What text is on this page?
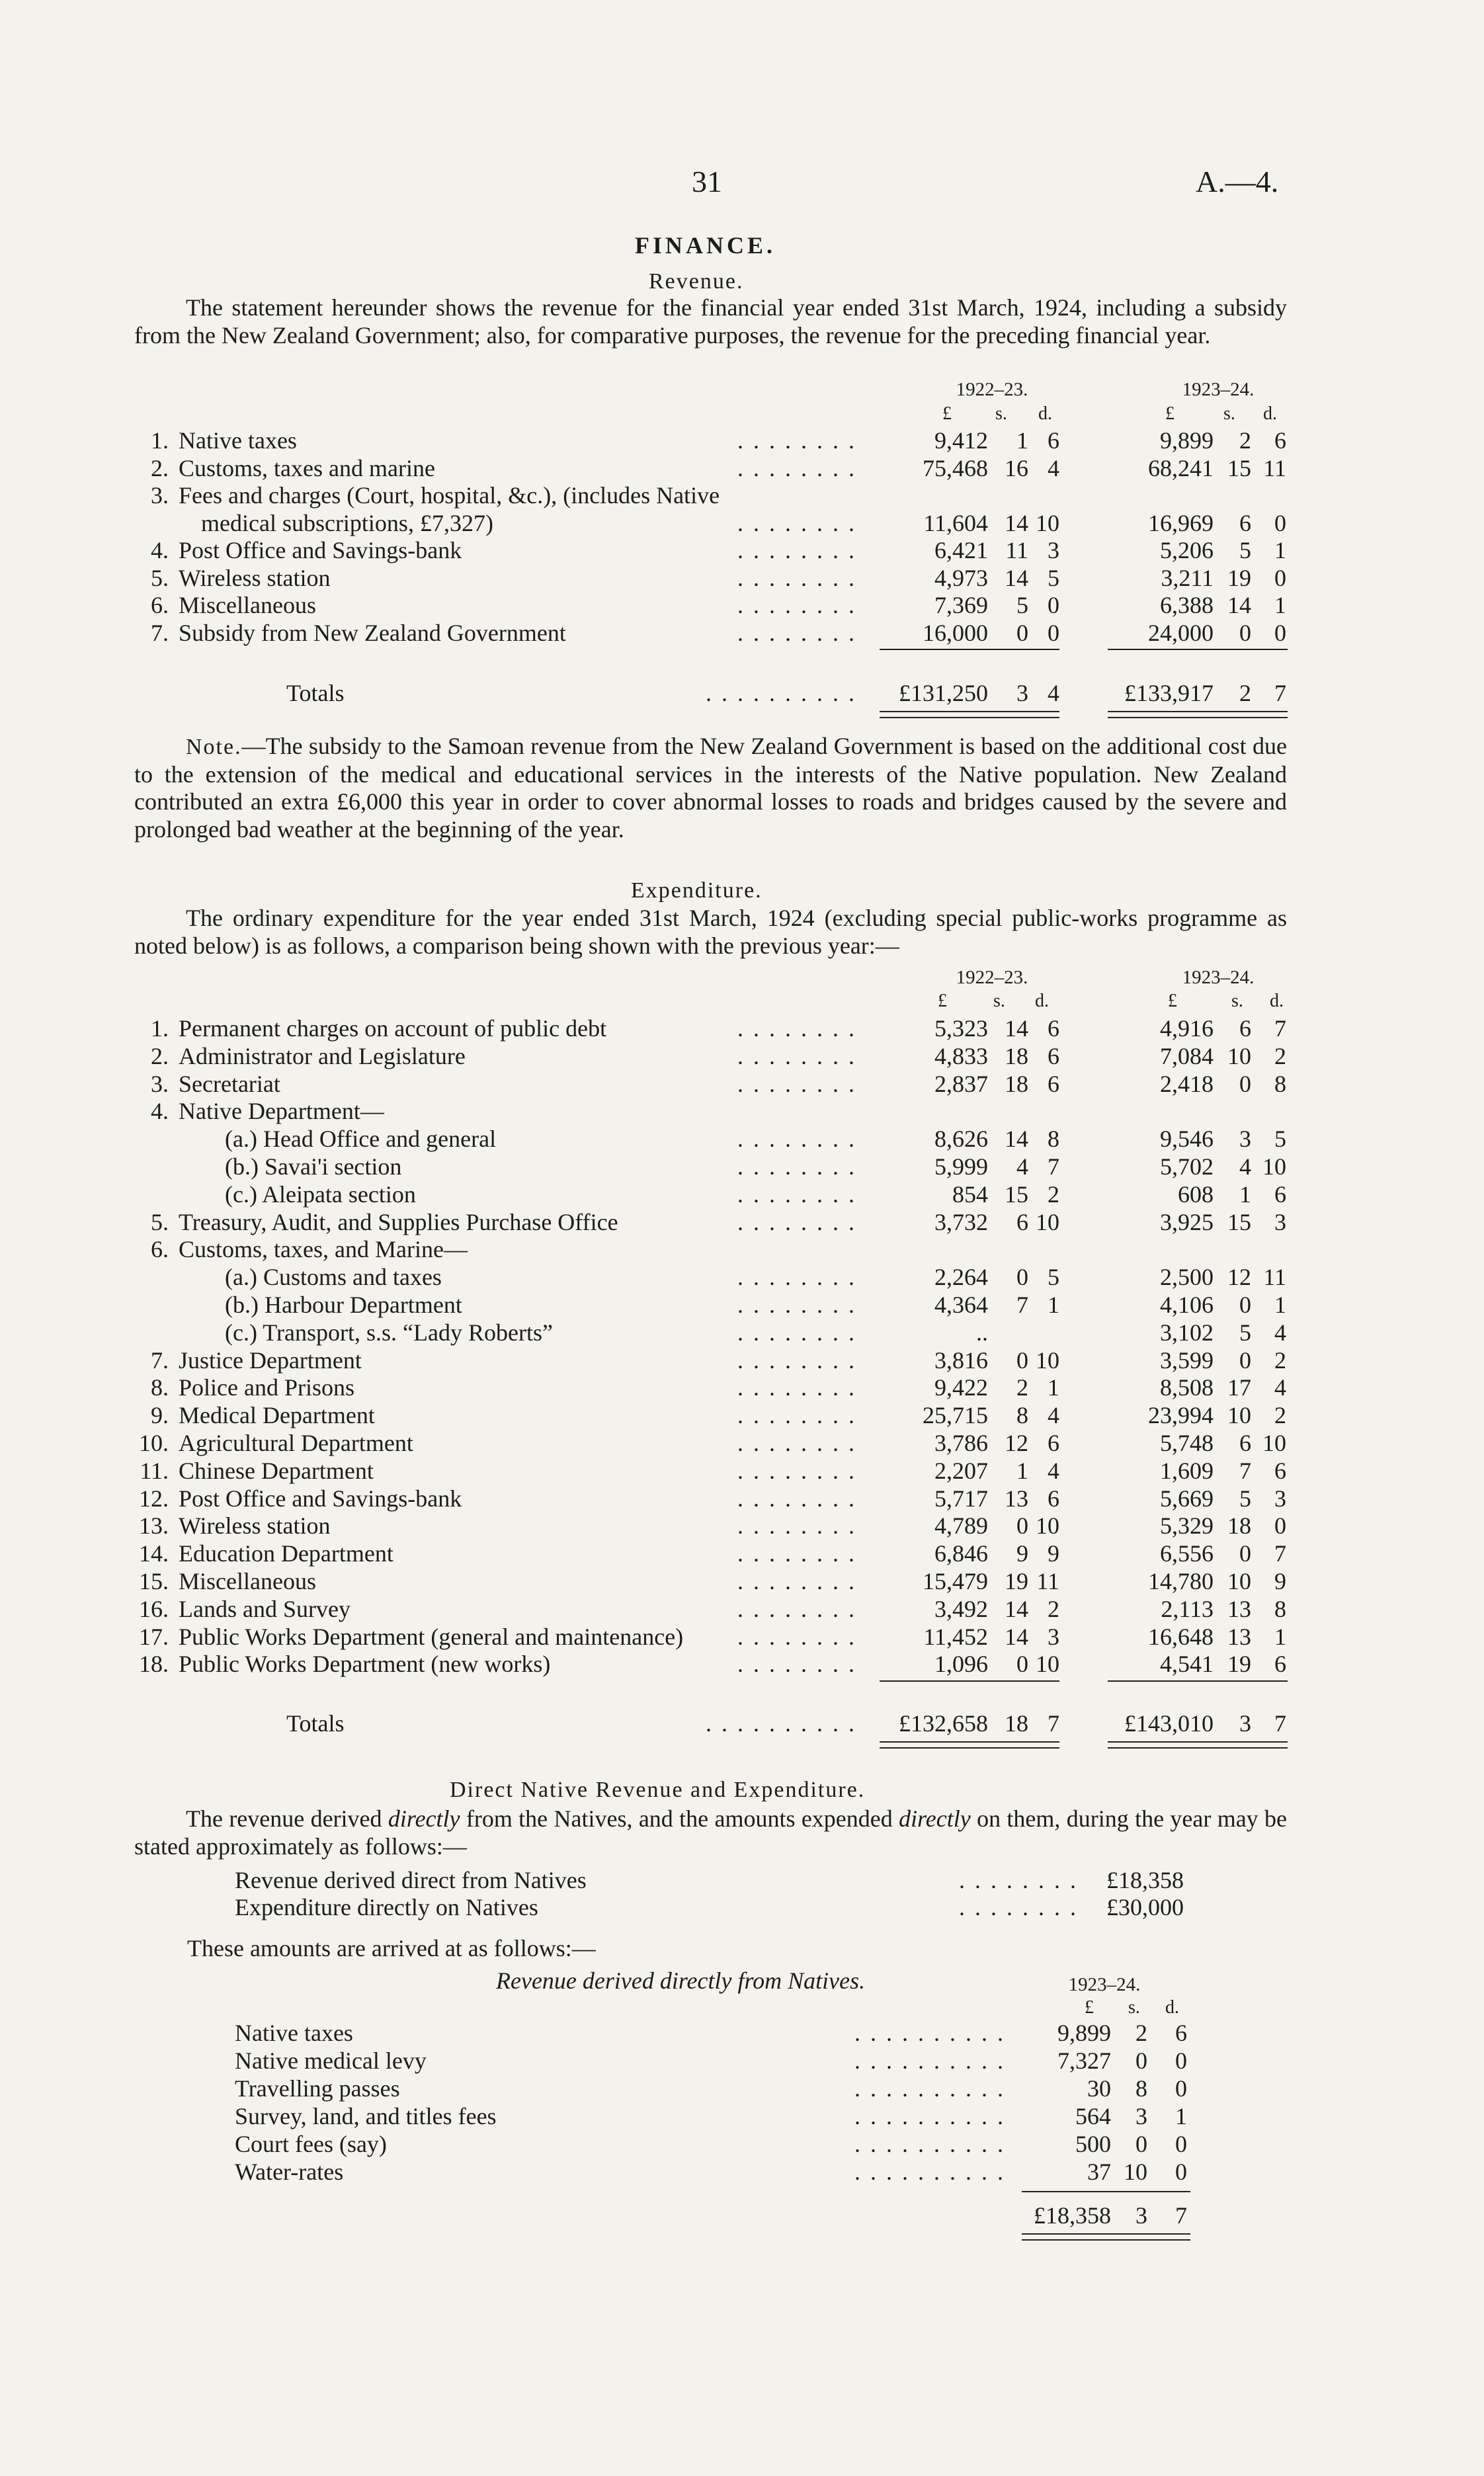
31	A.—4.
FINANCE.
Revenue.
The statement hereunder shows the revenue for the financial year ended 31st March, 1924, including a subsidy from the New Zealand Government; also, for comparative purposes, the revenue for the preceding financial year.
1922–23.	1923–24.
Note.—The subsidy to the Samoan revenue from the New Zealand Government is based on the additional cost due to the extension of the medical and educational services in the interests of the Native population. New Zealand contributed an extra £6,000 this year in order to cover abnormal losses to roads and bridges caused by the severe and prolonged bad weather at the beginning of the year.
Expenditure.
The ordinary expenditure for the year ended 31st March, 1924 (excluding special public-works programme as noted below) is as follows, a comparison being shown with the previous year:—
1922–23.	1923–24.
Direct Native Revenue and Expenditure.
The revenue derived directly from the Natives, and the amounts expended directly on them, during the year may be stated approximately as follows:—
These amounts are arrived at as follows:—
Revenue derived directly from Natives.	1923–24.
£ s. d.	£	s. d.
1. Native taxes	. . . . . . . .	9,412	1 6	9,899	2 6
2. Customs, taxes and marine	. . . . . . . .	75,468 16 4	68,241 15 11
3. Fees and charges (Court, hospital, &c.), (includes Native
medical subscriptions, £7,327)	. . . . . . . .	11,604 14 10	16,969	6 0
4. Post Office and Savings-bank	. . . . . . . .	6,421 11 3	5,206	5 1
5. Wireless station	. . . . . . . .	4,973 14 5	3,211 19 0
6. Miscellaneous	. . . . . . . .	7,369	5 0	6,388 14 1
7. Subsidy from New Zealand Government	. . . . . . . .	16,000	0 0	24,000	0 0
Totals	. . . . . . . . . .	£131,250	3 4	£133,917	2 7
£	s. d.	£	s. d.
1. Permanent charges on account of public debt	. . . . . . . .	5,323 14 6	4,916	6 7
2. Administrator and Legislature	. . . . . . . .	4,833 18 6	7,084 10 2
3. Secretariat	. . . . . . . .	2,837 18 6	2,418	0 8
4. Native Department—
(a.) Head Office and general	. . . . . . . .	8,626 14 8	9,546	3 5
(b.) Savai'i section	. . . . . . . .	5,999	4 7	5,702	4 10
(c.) Aleipata section	. . . . . . . .	854 15 2	608	1 6
5. Treasury, Audit, and Supplies Purchase Office	. . . . . . . .	3,732	6 10	3,925 15 3
6. Customs, taxes, and Marine—
(a.) Customs and taxes	. . . . . . . .	2,264	0 5	2,500 12 11
(b.) Harbour Department	. . . . . . . .	4,364	7 1	4,106	0 1
(c.) Transport, s.s. “Lady Roberts”	. . . . . . . .	..	3,102	5 4
7. Justice Department	. . . . . . . .	3,816	0 10	3,599	0 2
8. Police and Prisons	. . . . . . . .	9,422	2 1	8,508 17 4
9. Medical Department	. . . . . . . .	25,715	8 4	23,994 10 2
10. Agricultural Department	. . . . . . . .	3,786 12 6	5,748	6 10
11. Chinese Department	. . . . . . . .	2,207	1 4	1,609	7 6
12. Post Office and Savings-bank	. . . . . . . .	5,717 13 6	5,669	5 3
13. Wireless station	. . . . . . . .	4,789	0 10	5,329 18 0
14. Education Department	. . . . . . . .	6,846	9 9	6,556	0 7
15. Miscellaneous	. . . . . . . .	15,479 19 11	14,780 10 9
16. Lands and Survey	. . . . . . . .	3,492 14 2	2,113 13 8
17. Public Works Department (general and maintenance)	. . . . . . . .	11,452 14 3	16,648 13 1
18. Public Works Department (new works)	. . . . . . . .	1,096	0 10	4,541 19 6
Totals	. . . . . . . . . .	£132,658 18 7	£143,010	3 7
Revenue derived direct from Natives	. . . . . . . .	£18,358
Expenditure directly on Natives	. . . . . . . .	£30,000
£ s. d.
Native taxes	. . . . . . . . . .	9,899	2	6
Native medical levy	. . . . . . . . . .	7,327	0	0
Travelling passes	. . . . . . . . . .	30	8	0
Survey, land, and titles fees	. . . . . . . . . .	564	3	1
Court fees (say)	. . . . . . . . . .	500	0	0
Water-rates	. . . . . . . . . .	37 10	0
£18,358	3	7
